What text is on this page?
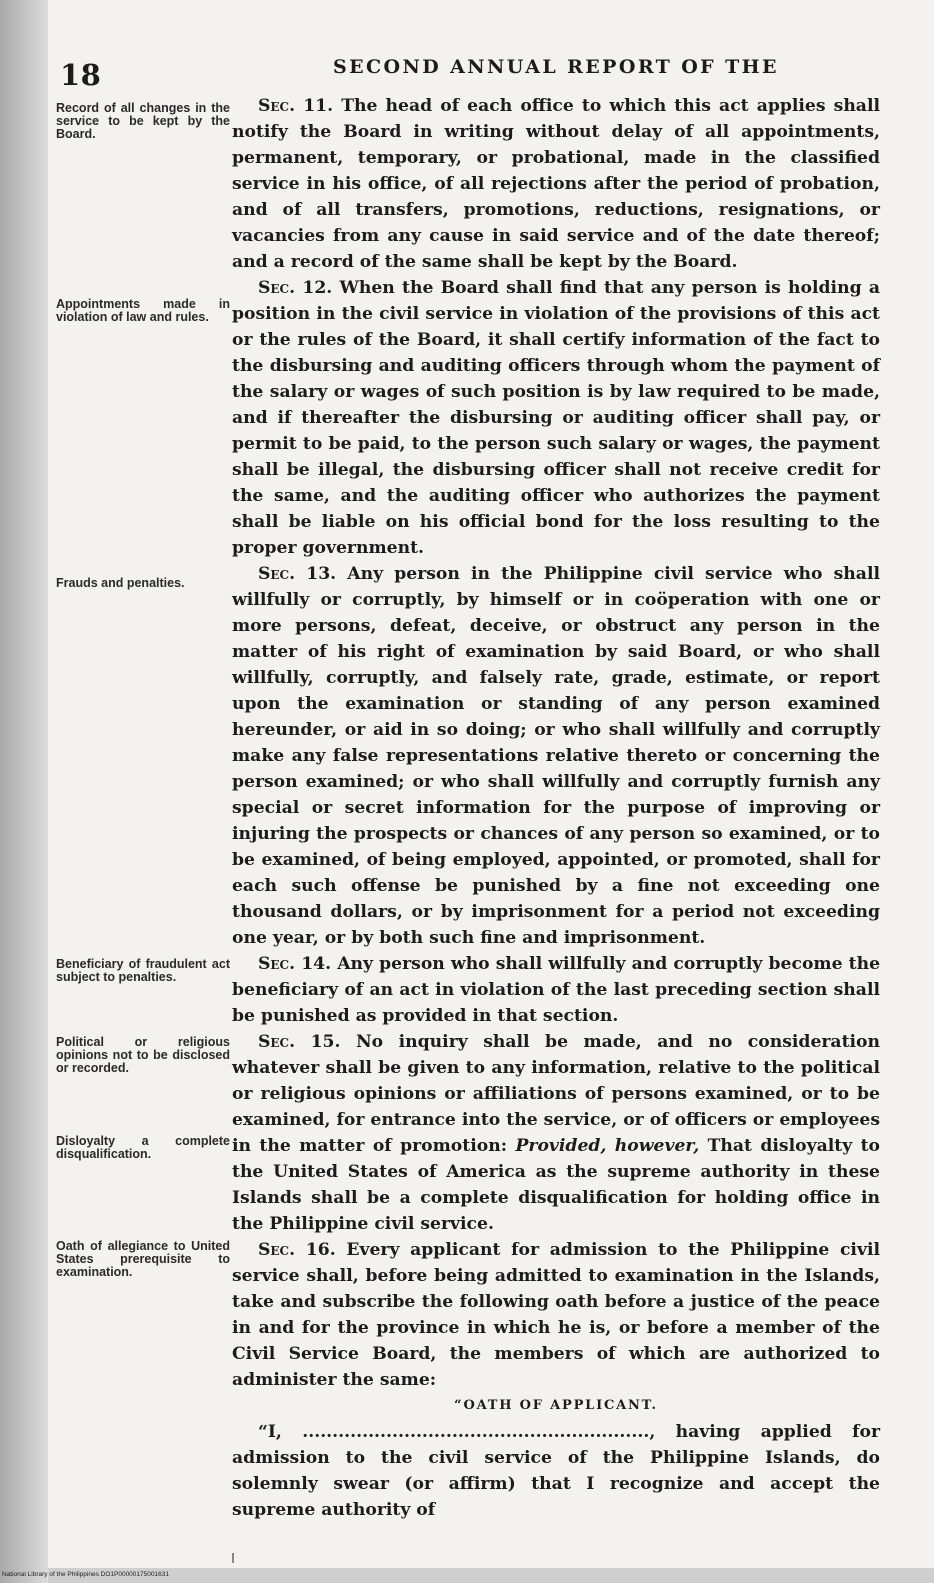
18	SECOND ANNUAL REPORT OF THE
Record of all changes in the service to be kept by the Board.
Appointments made in violation of law and rules.
Frauds and penalties.
Beneficiary of fraudulent act subject to penalties.
Political or religious opinions not to be disclosed or recorded.
Disloyalty a complete disqualification.
Oath of allegiance to United States prerequisite to examination.

Sec. 11. The head of each office to which this act applies shall notify the Board in writing without delay of all appointments, permanent, temporary, or probational, made in the classified service in his office, of all rejections after the period of probation, and of all transfers, promotions, reductions, resignations, or vacancies from any cause in said service and of the date thereof; and a record of the same shall be kept by the Board.

Sec. 12. When the Board shall find that any person is holding a position in the civil service in violation of the provisions of this act or the rules of the Board, it shall certify information of the fact to the disbursing and auditing officers through whom the payment of the salary or wages of such position is by law required to be made, and if thereafter the disbursing or auditing officer shall pay, or permit to be paid, to the person such salary or wages, the payment shall be illegal, the disbursing officer shall not receive credit for the same, and the auditing officer who authorizes the payment shall be liable on his official bond for the loss resulting to the proper government.

Sec. 13. Any person in the Philippine civil service who shall willfully or corruptly, by himself or in coöperation with one or more persons, defeat, deceive, or obstruct any person in the matter of his right of examination by said Board, or who shall willfully, corruptly, and falsely rate, grade, estimate, or report upon the examination or standing of any person examined hereunder, or aid in so doing; or who shall willfully and corruptly make any false representations relative thereto or concerning the person examined; or who shall willfully and corruptly furnish any special or secret information for the purpose of improving or injuring the prospects or chances of any person so examined, or to be examined, of being employed, appointed, or promoted, shall for each such offense be punished by a fine not exceeding one thousand dollars, or by imprisonment for a period not exceeding one year, or by both such fine and imprisonment.

Sec. 14. Any person who shall willfully and corruptly become the beneficiary of an act in violation of the last preceding section shall be punished as provided in that section.

Sec. 15. No inquiry shall be made, and no consideration whatever shall be given to any information, relative to the political or religious opinions or affiliations of persons examined, or to be examined, for entrance into the service, or of officers or employees in the matter of promotion: Provided, however, That disloyalty to the United States of America as the supreme authority in these Islands shall be a complete disqualification for holding office in the Philippine civil service.

Sec. 16. Every applicant for admission to the Philippine civil service shall, before being admitted to examination in the Islands, take and subscribe the following oath before a justice of the peace in and for the province in which he is, or before a member of the Civil Service Board, the members of which are authorized to administer the same:

“OATH OF APPLICANT.

“I, .........................................................., having applied for admission to the civil service of the Philippine Islands, do solemnly swear (or affirm) that I recognize and accept the supreme authority of

National Library of the Philippines DO1P00000175001631
